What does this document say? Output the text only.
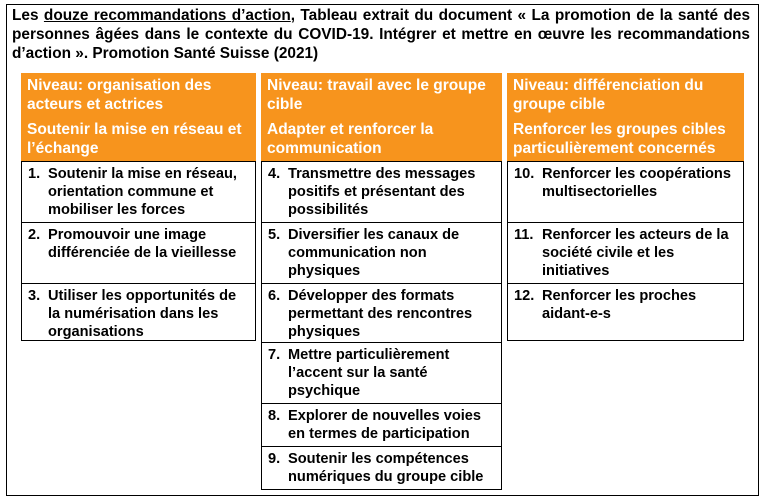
Les douze recommandations d’action, Tableau extrait du document « La promotion de la santé des personnes âgées dans le contexte du COVID-19. Intégrer et mettre en œuvre les recommandations d’action ». Promotion Santé Suisse (2021)

Niveau: organisation des acteurs et actrices
Soutenir la mise en réseau et l’échange
Niveau: travail avec le groupe cible
Adapter et renforcer la communication
Niveau: différenciation du groupe cible
Renforcer les groupes cibles particulièrement concernés
1. Soutenir la mise en réseau, orientation commune et mobiliser les forces
2. Promouvoir une image différenciée de la vieillesse
3. Utiliser les opportunités de la numérisation dans les organisations
4. Transmettre des messages positifs et présentant des possibilités
5. Diversifier les canaux de communication non physiques
6. Développer des formats permettant des rencontres physiques
7. Mettre particulièrement l’accent sur la santé psychique
8. Explorer de nouvelles voies en termes de participation
9. Soutenir les compétences numériques du groupe cible
10. Renforcer les coopérations multisectorielles
11. Renforcer les acteurs de la société civile et les initiatives
12. Renforcer les proches aidant-e-s
